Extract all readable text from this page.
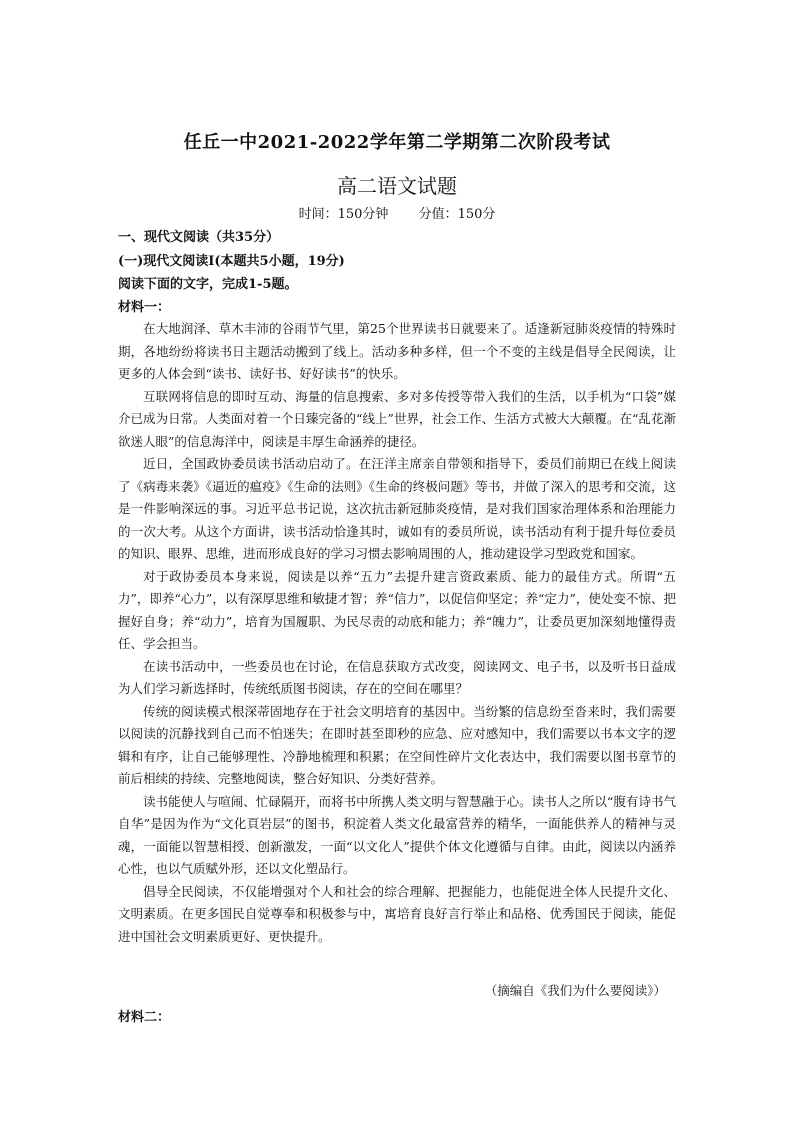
任丘一中2021-2022学年第二学期第二次阶段考试
高二语文试题
时间：150分钟 分值：150分
一、现代文阅读（共35分）
(一)现代文阅读Ⅰ(本题共5小题，19分)
阅读下面的文字，完成1-5题。
材料一：

在大地润泽、草木丰沛的谷雨节气里，第25个世界读书日就要来了。适逢新冠肺炎疫情的特殊时期，各地纷纷将读书日主题活动搬到了线上。活动多种多样，但一个不变的主线是倡导全民阅读，让更多的人体会到“读书、读好书、好好读书”的快乐。

互联网将信息的即时互动、海量的信息搜索、多对多传授等带入我们的生活，以手机为“口袋”媒介已成为日常。人类面对着一个日臻完备的“线上”世界，社会工作、生活方式被大大颠覆。在“乱花渐欲迷人眼”的信息海洋中，阅读是丰厚生命涵养的捷径。

近日，全国政协委员读书活动启动了。在汪洋主席亲自带领和指导下，委员们前期已在线上阅读了《病毒来袭》《逼近的瘟疫》《生命的法则》《生命的终极问题》等书，并做了深入的思考和交流，这是一件影响深远的事。习近平总书记说，这次抗击新冠肺炎疫情，是对我们国家治理体系和治理能力的一次大考。从这个方面讲，读书活动恰逢其时，诚如有的委员所说，读书活动有利于提升每位委员的知识、眼界、思维，进而形成良好的学习习惯去影响周围的人，推动建设学习型政党和国家。

对于政协委员本身来说，阅读是以养“五力”去提升建言资政素质、能力的最佳方式。所谓“五力”，即养“心力”，以有深厚思维和敏捷才智；养“信力”，以促信仰坚定；养“定力”，使处变不惊、把握好自身；养“动力”，培育为国履职、为民尽责的动底和能力；养“魄力”，让委员更加深刻地懂得责任、学会担当。

在读书活动中，一些委员也在讨论，在信息获取方式改变，阅读网文、电子书，以及听书日益成为人们学习新选择时，传统纸质图书阅读，存在的空间在哪里？

传统的阅读模式根深蒂固地存在于社会文明培育的基因中。当纷繁的信息纷至沓来时，我们需要以阅读的沉静找到自己而不怕迷失；在即时甚至即秒的应急、应对感知中，我们需要以书本文字的逻辑和有序，让自己能够理性、冷静地梳理和积累；在空间性碎片文化表达中，我们需要以图书章节的前后相续的持续、完整地阅读，整合好知识、分类好营养。

读书能使人与喧闹、忙碌隔开，而将书中所携人类文明与智慧融于心。读书人之所以“腹有诗书气自华”是因为作为“文化頁岩层”的图书，积淀着人类文化最富营养的精华，一面能供养人的精神与灵魂，一面能以智慧相授、创新激发，一面“以文化人”提供个体文化遵循与自律。由此，阅读以内涵养心性，也以气质赋外形，还以文化塑品行。

倡导全民阅读，不仅能增强对个人和社会的综合理解、把握能力，也能促进全体人民提升文化、文明素质。在更多国民自觉尊奉和积极参与中，寓培育良好言行举止和品格、优秀国民于阅读，能促进中国社会文明素质更好、更快提升。

（摘编自《我们为什么要阅读》）
材料二：
